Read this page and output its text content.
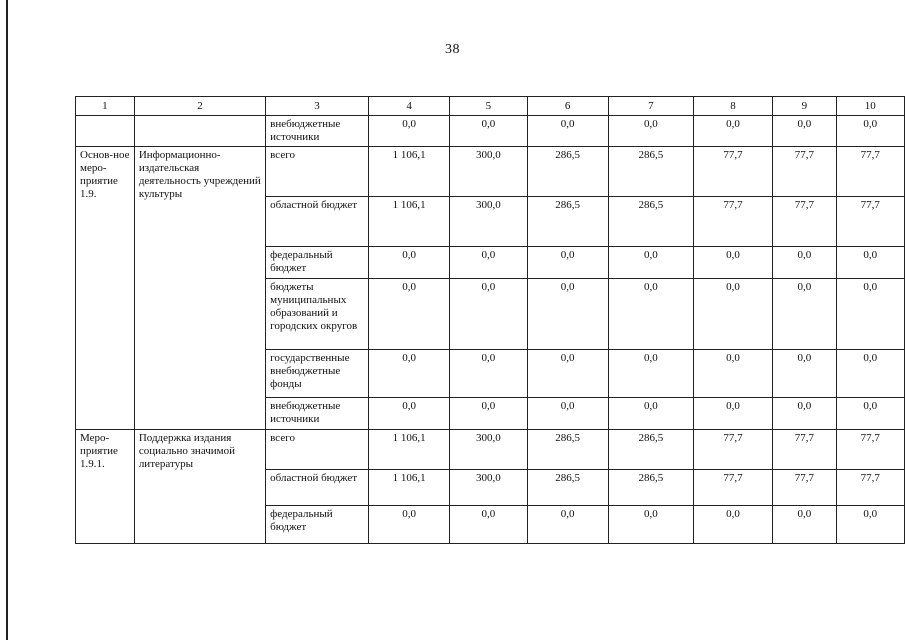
38
1	2	3	4	5	6	7	8	9	10
		внебюджетные источники	0,0	0,0	0,0	0,0	0,0	0,0	0,0
Основ-ное меро-приятие 1.9.	Информационно-издательская деятельность учреждений культуры	всего	1 106,1	300,0	286,5	286,5	77,7	77,7	77,7
		областной бюджет	1 106,1	300,0	286,5	286,5	77,7	77,7	77,7
		федеральный бюджет	0,0	0,0	0,0	0,0	0,0	0,0	0,0
		бюджеты муниципальных образований и городских округов	0,0	0,0	0,0	0,0	0,0	0,0	0,0
		государственные внебюджетные фонды	0,0	0,0	0,0	0,0	0,0	0,0	0,0
		внебюджетные источники	0,0	0,0	0,0	0,0	0,0	0,0	0,0
Меро-приятие 1.9.1.	Поддержка издания социально значимой литературы	всего	1 106,1	300,0	286,5	286,5	77,7	77,7	77,7
		областной бюджет	1 106,1	300,0	286,5	286,5	77,7	77,7	77,7
		федеральный бюджет	0,0	0,0	0,0	0,0	0,0	0,0	0,0
